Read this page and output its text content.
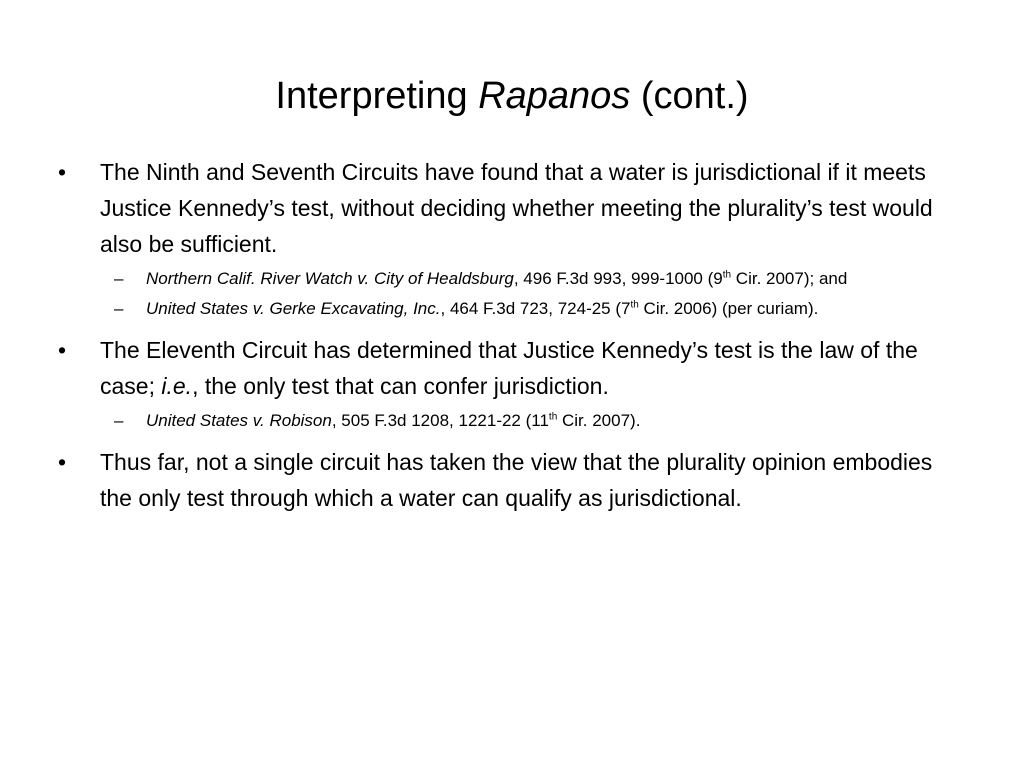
Interpreting Rapanos (cont.)
•	The Ninth and Seventh Circuits have found that a water is jurisdictional if it meets Justice Kennedy’s test, without deciding whether meeting the plurality’s test would also be sufficient.
– Northern Calif. River Watch v. City of Healdsburg, 496 F.3d 993, 999-1000 (9th Cir. 2007); and
– United States v. Gerke Excavating, Inc., 464 F.3d 723, 724-25 (7th Cir. 2006) (per curiam).
•	The Eleventh Circuit has determined that Justice Kennedy’s test is the law of the case; i.e., the only test that can confer jurisdiction.
– United States v. Robison, 505 F.3d 1208, 1221-22 (11th Cir. 2007).
•	Thus far, not a single circuit has taken the view that the plurality opinion embodies the only test through which a water can qualify as jurisdictional.
